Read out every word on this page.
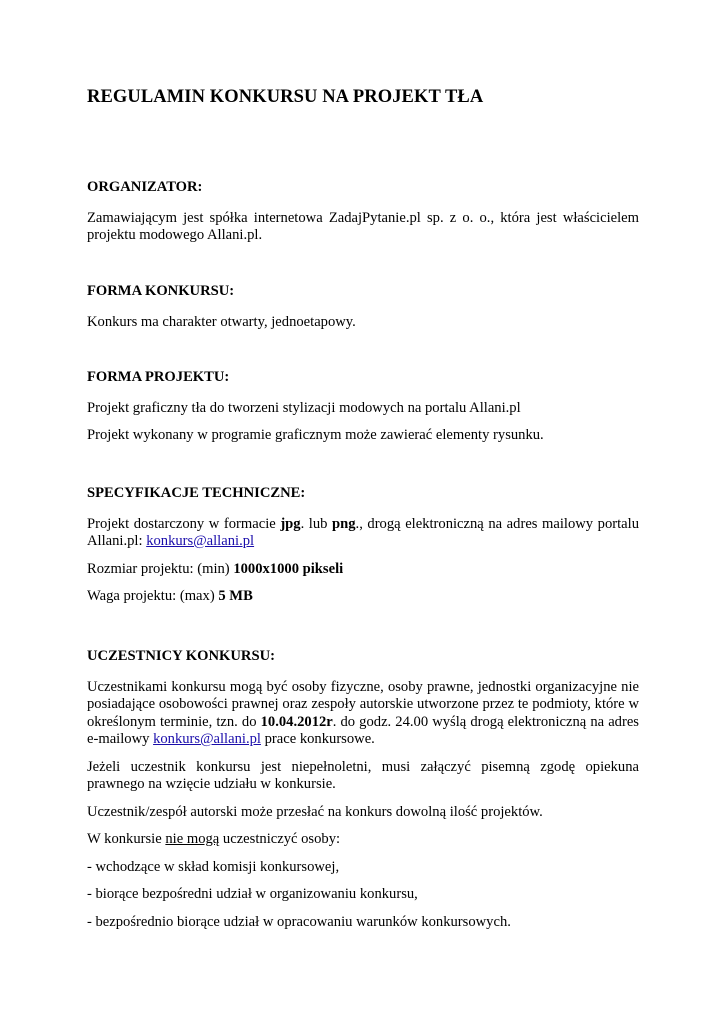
REGULAMIN KONKURSU NA PROJEKT TŁA
ORGANIZATOR:

Zamawiającym jest spółka internetowa ZadajPytanie.pl sp. z o. o., która jest właścicielem projektu modowego Allani.pl.

FORMA KONKURSU:

Konkurs ma charakter otwarty, jednoetapowy.

FORMA PROJEKTU:

Projekt graficzny tła do tworzeni stylizacji modowych na portalu Allani.pl

Projekt wykonany w programie graficznym może zawierać elementy rysunku.

SPECYFIKACJE TECHNICZNE:

Projekt dostarczony w formacie jpg. lub png., drogą elektroniczną na adres mailowy portalu Allani.pl: konkurs@allani.pl

Rozmiar projektu: (min) 1000x1000 pikseli

Waga projektu: (max) 5 MB

UCZESTNICY KONKURSU:

Uczestnikami konkursu mogą być osoby fizyczne, osoby prawne, jednostki organizacyjne nie posiadające osobowości prawnej oraz zespoły autorskie utworzone przez te podmioty, które w określonym terminie, tzn. do 10.04.2012r. do godz. 24.00 wyślą drogą elektroniczną na adres e-mailowy konkurs@allani.pl prace konkursowe.

Jeżeli uczestnik konkursu jest niepełnoletni, musi załączyć pisemną zgodę opiekuna prawnego na wzięcie udziału w konkursie.

Uczestnik/zespół autorski może przesłać na konkurs dowolną ilość projektów.

W konkursie nie mogą uczestniczyć osoby:

- wchodzące w skład komisji konkursowej,

- biorące bezpośredni udział w organizowaniu konkursu,

- bezpośrednio biorące udział w opracowaniu warunków konkursowych.
